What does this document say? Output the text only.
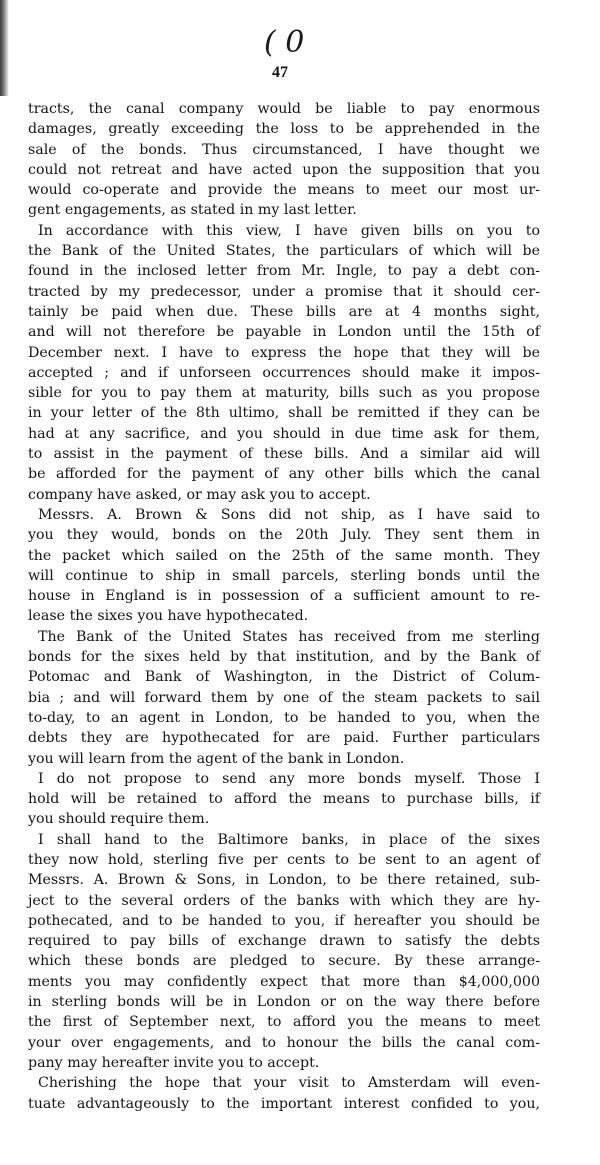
( 0
47
tracts, the canal company would be liable to pay enormous
damages, greatly exceeding the loss to be apprehended in the
sale of the bonds. Thus circumstanced, I have thought we
could not retreat and have acted upon the supposition that you
would co-operate and provide the means to meet our most ur-
gent engagements, as stated in my last letter.
In accordance with this view, I have given bills on you to
the Bank of the United States, the particulars of which will be
found in the inclosed letter from Mr. Ingle, to pay a debt con-
tracted by my predecessor, under a promise that it should cer-
tainly be paid when due. These bills are at 4 months sight,
and will not therefore be payable in London until the 15th of
December next. I have to express the hope that they will be
accepted ; and if unforseen occurrences should make it impos-
sible for you to pay them at maturity, bills such as you propose
in your letter of the 8th ultimo, shall be remitted if they can be
had at any sacrifice, and you should in due time ask for them,
to assist in the payment of these bills. And a similar aid will
be afforded for the payment of any other bills which the canal
company have asked, or may ask you to accept.
Messrs. A. Brown & Sons did not ship, as I have said to
you they would, bonds on the 20th July. They sent them in
the packet which sailed on the 25th of the same month. They
will continue to ship in small parcels, sterling bonds until the
house in England is in possession of a sufficient amount to re-
lease the sixes you have hypothecated.
The Bank of the United States has received from me sterling
bonds for the sixes held by that institution, and by the Bank of
Potomac and Bank of Washington, in the District of Colum-
bia ; and will forward them by one of the steam packets to sail
to-day, to an agent in London, to be handed to you, when the
debts they are hypothecated for are paid. Further particulars
you will learn from the agent of the bank in London.
I do not propose to send any more bonds myself. Those I
hold will be retained to afford the means to purchase bills, if
you should require them.
I shall hand to the Baltimore banks, in place of the sixes
they now hold, sterling five per cents to be sent to an agent of
Messrs. A. Brown & Sons, in London, to be there retained, sub-
ject to the several orders of the banks with which they are hy-
pothecated, and to be handed to you, if hereafter you should be
required to pay bills of exchange drawn to satisfy the debts
which these bonds are pledged to secure. By these arrange-
ments you may confidently expect that more than $4,000,000
in sterling bonds will be in London or on the way there before
the first of September next, to afford you the means to meet
your over engagements, and to honour the bills the canal com-
pany may hereafter invite you to accept.
Cherishing the hope that your visit to Amsterdam will even-
tuate advantageously to the important interest confided to you,
